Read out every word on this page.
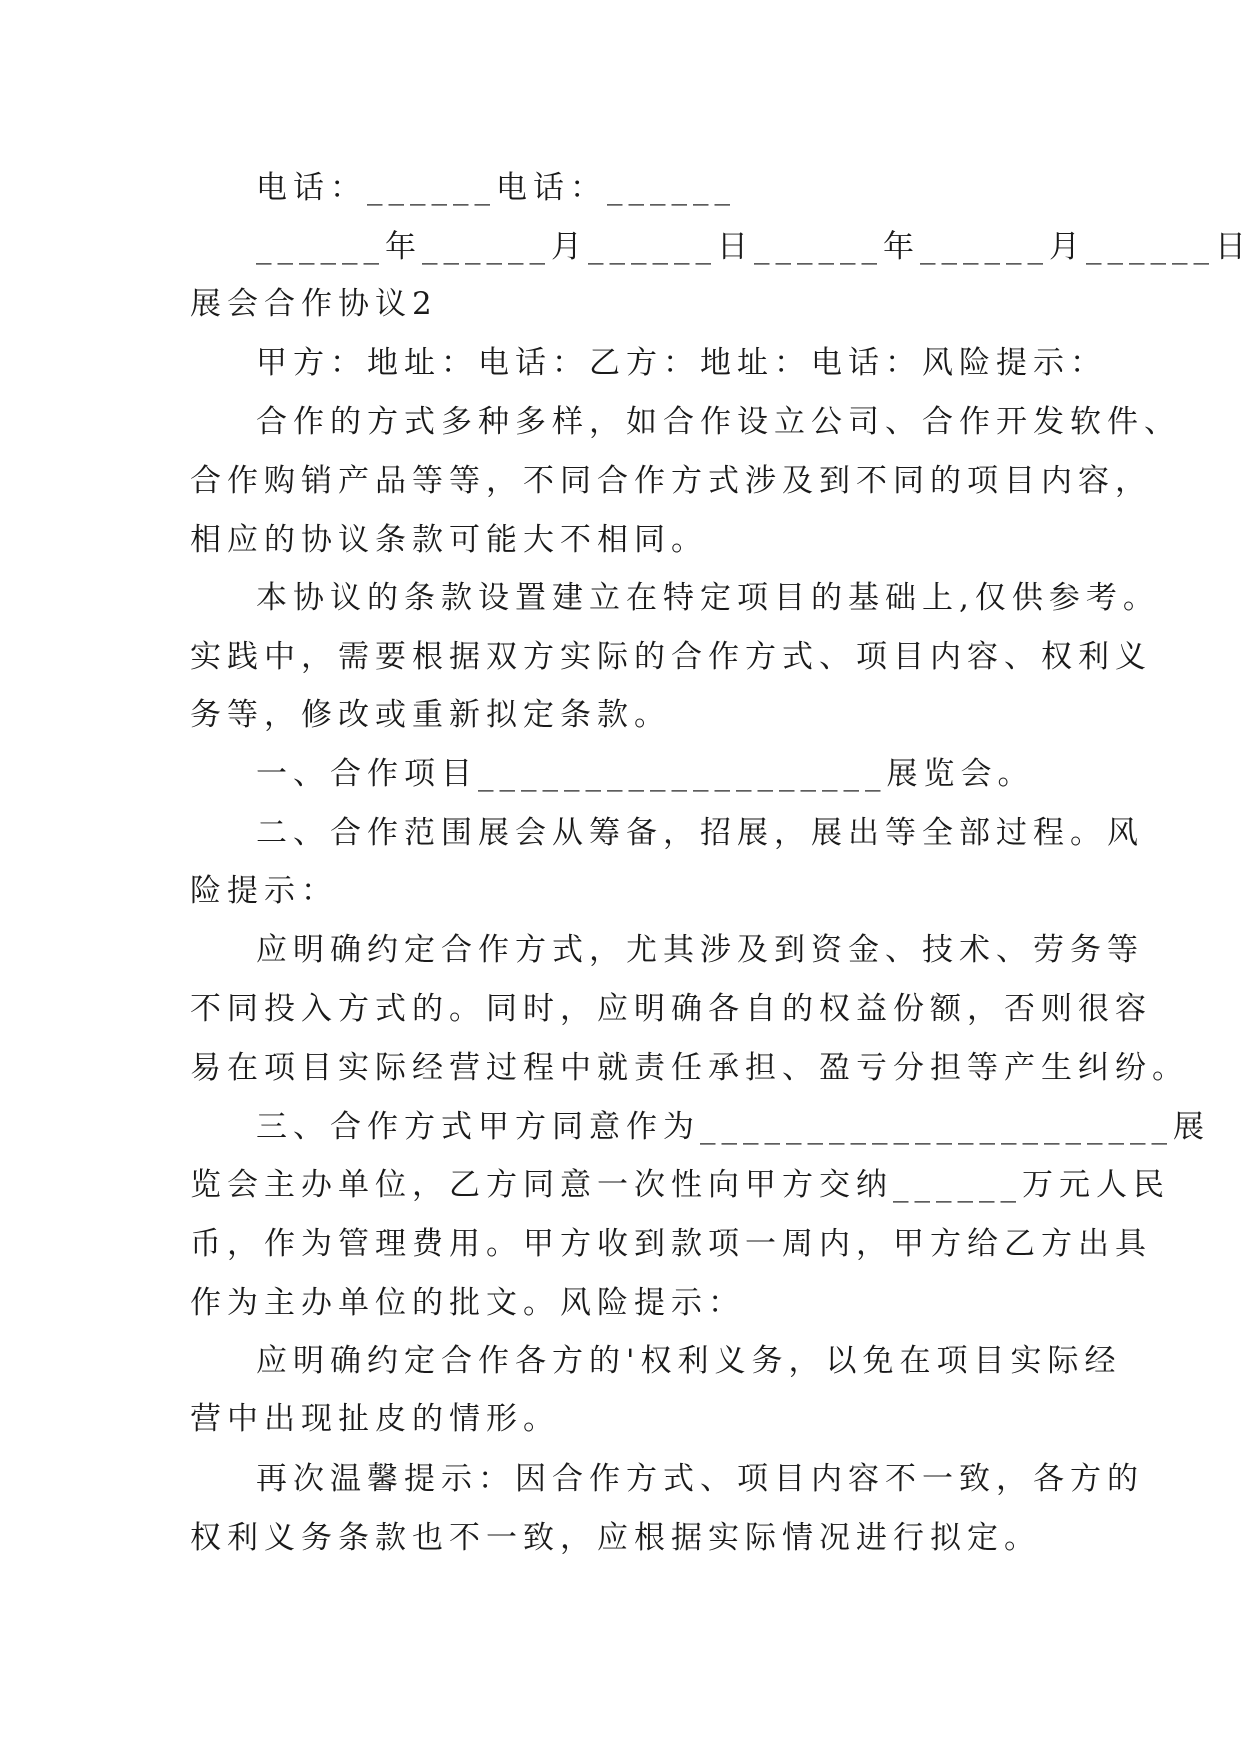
电话：______电话：______
______年______月______日______年______月______日
展会合作协议2
甲方：地址：电话：乙方：地址：电话：风险提示：
合作的方式多种多样，如合作设立公司、合作开发软件、
合作购销产品等等，不同合作方式涉及到不同的项目内容，
相应的协议条款可能大不相同。
本协议的条款设置建立在特定项目的基础上,仅供参考。
实践中，需要根据双方实际的合作方式、项目内容、权利义
务等，修改或重新拟定条款。
一、合作项目___________________展览会。
二、合作范围展会从筹备，招展，展出等全部过程。风
险提示：
应明确约定合作方式，尤其涉及到资金、技术、劳务等
不同投入方式的。同时，应明确各自的权益份额，否则很容
易在项目实际经营过程中就责任承担、盈亏分担等产生纠纷。
三、合作方式甲方同意作为______________________展
览会主办单位，乙方同意一次性向甲方交纳______万元人民
币，作为管理费用。甲方收到款项一周内，甲方给乙方出具
作为主办单位的批文。风险提示：
应明确约定合作各方的'权利义务，以免在项目实际经
营中出现扯皮的情形。
再次温馨提示：因合作方式、项目内容不一致，各方的
权利义务条款也不一致，应根据实际情况进行拟定。
